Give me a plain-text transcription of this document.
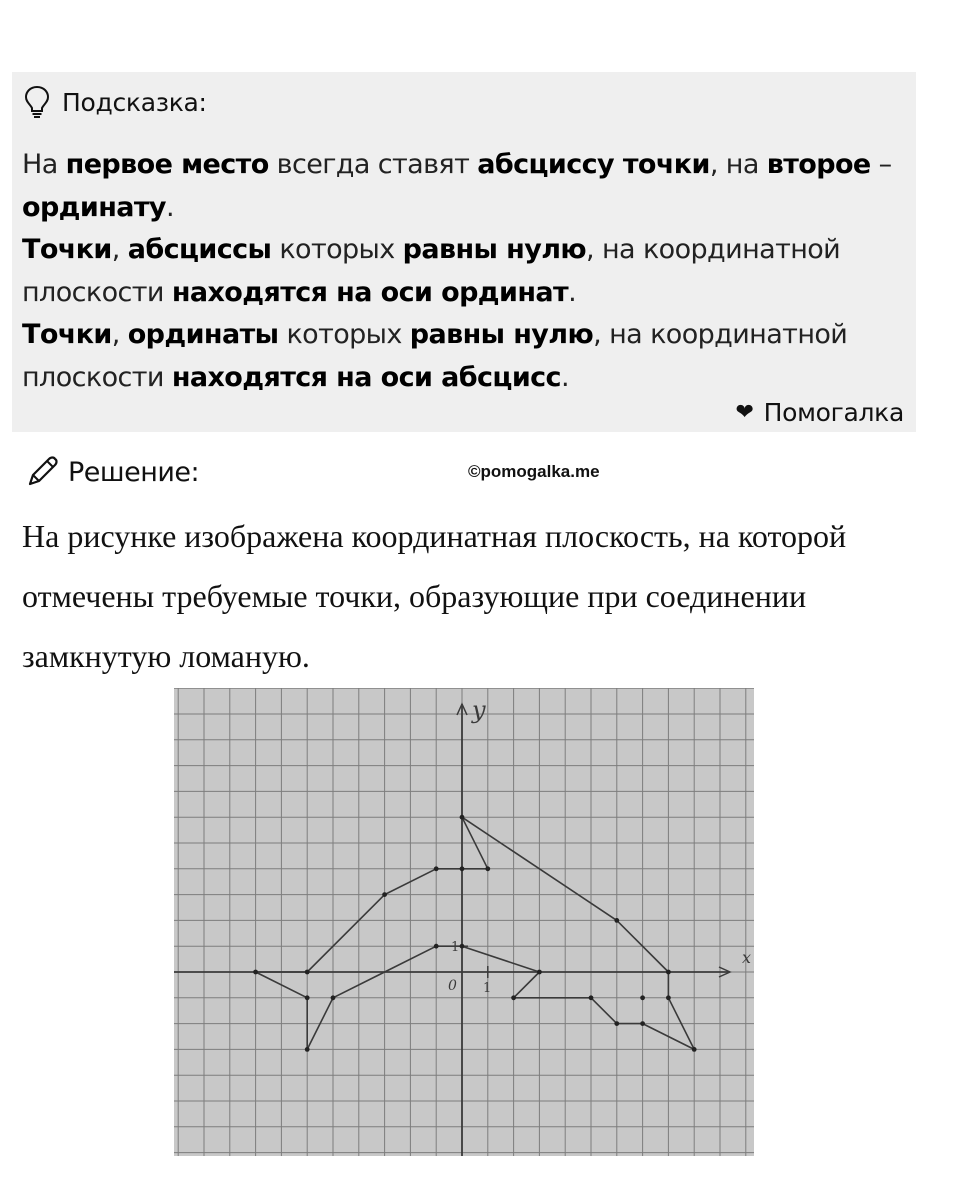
Подсказка:
На первое место всегда ставят абсциссу точки, на второе –
ординату.
Точки, абсциссы которых равны нулю, на координатной
плоскости находятся на оси ординат.
Точки, ординаты которых равны нулю, на координатной
плоскости находятся на оси абсцисс.
❤ Помогалка
Решение:	©pomogalka.me
На рисунке изображена координатная плоскость, на которой
отмечены требуемые точки, образующие при соединении
замкнутую ломаную.
x
y
0 1
1
